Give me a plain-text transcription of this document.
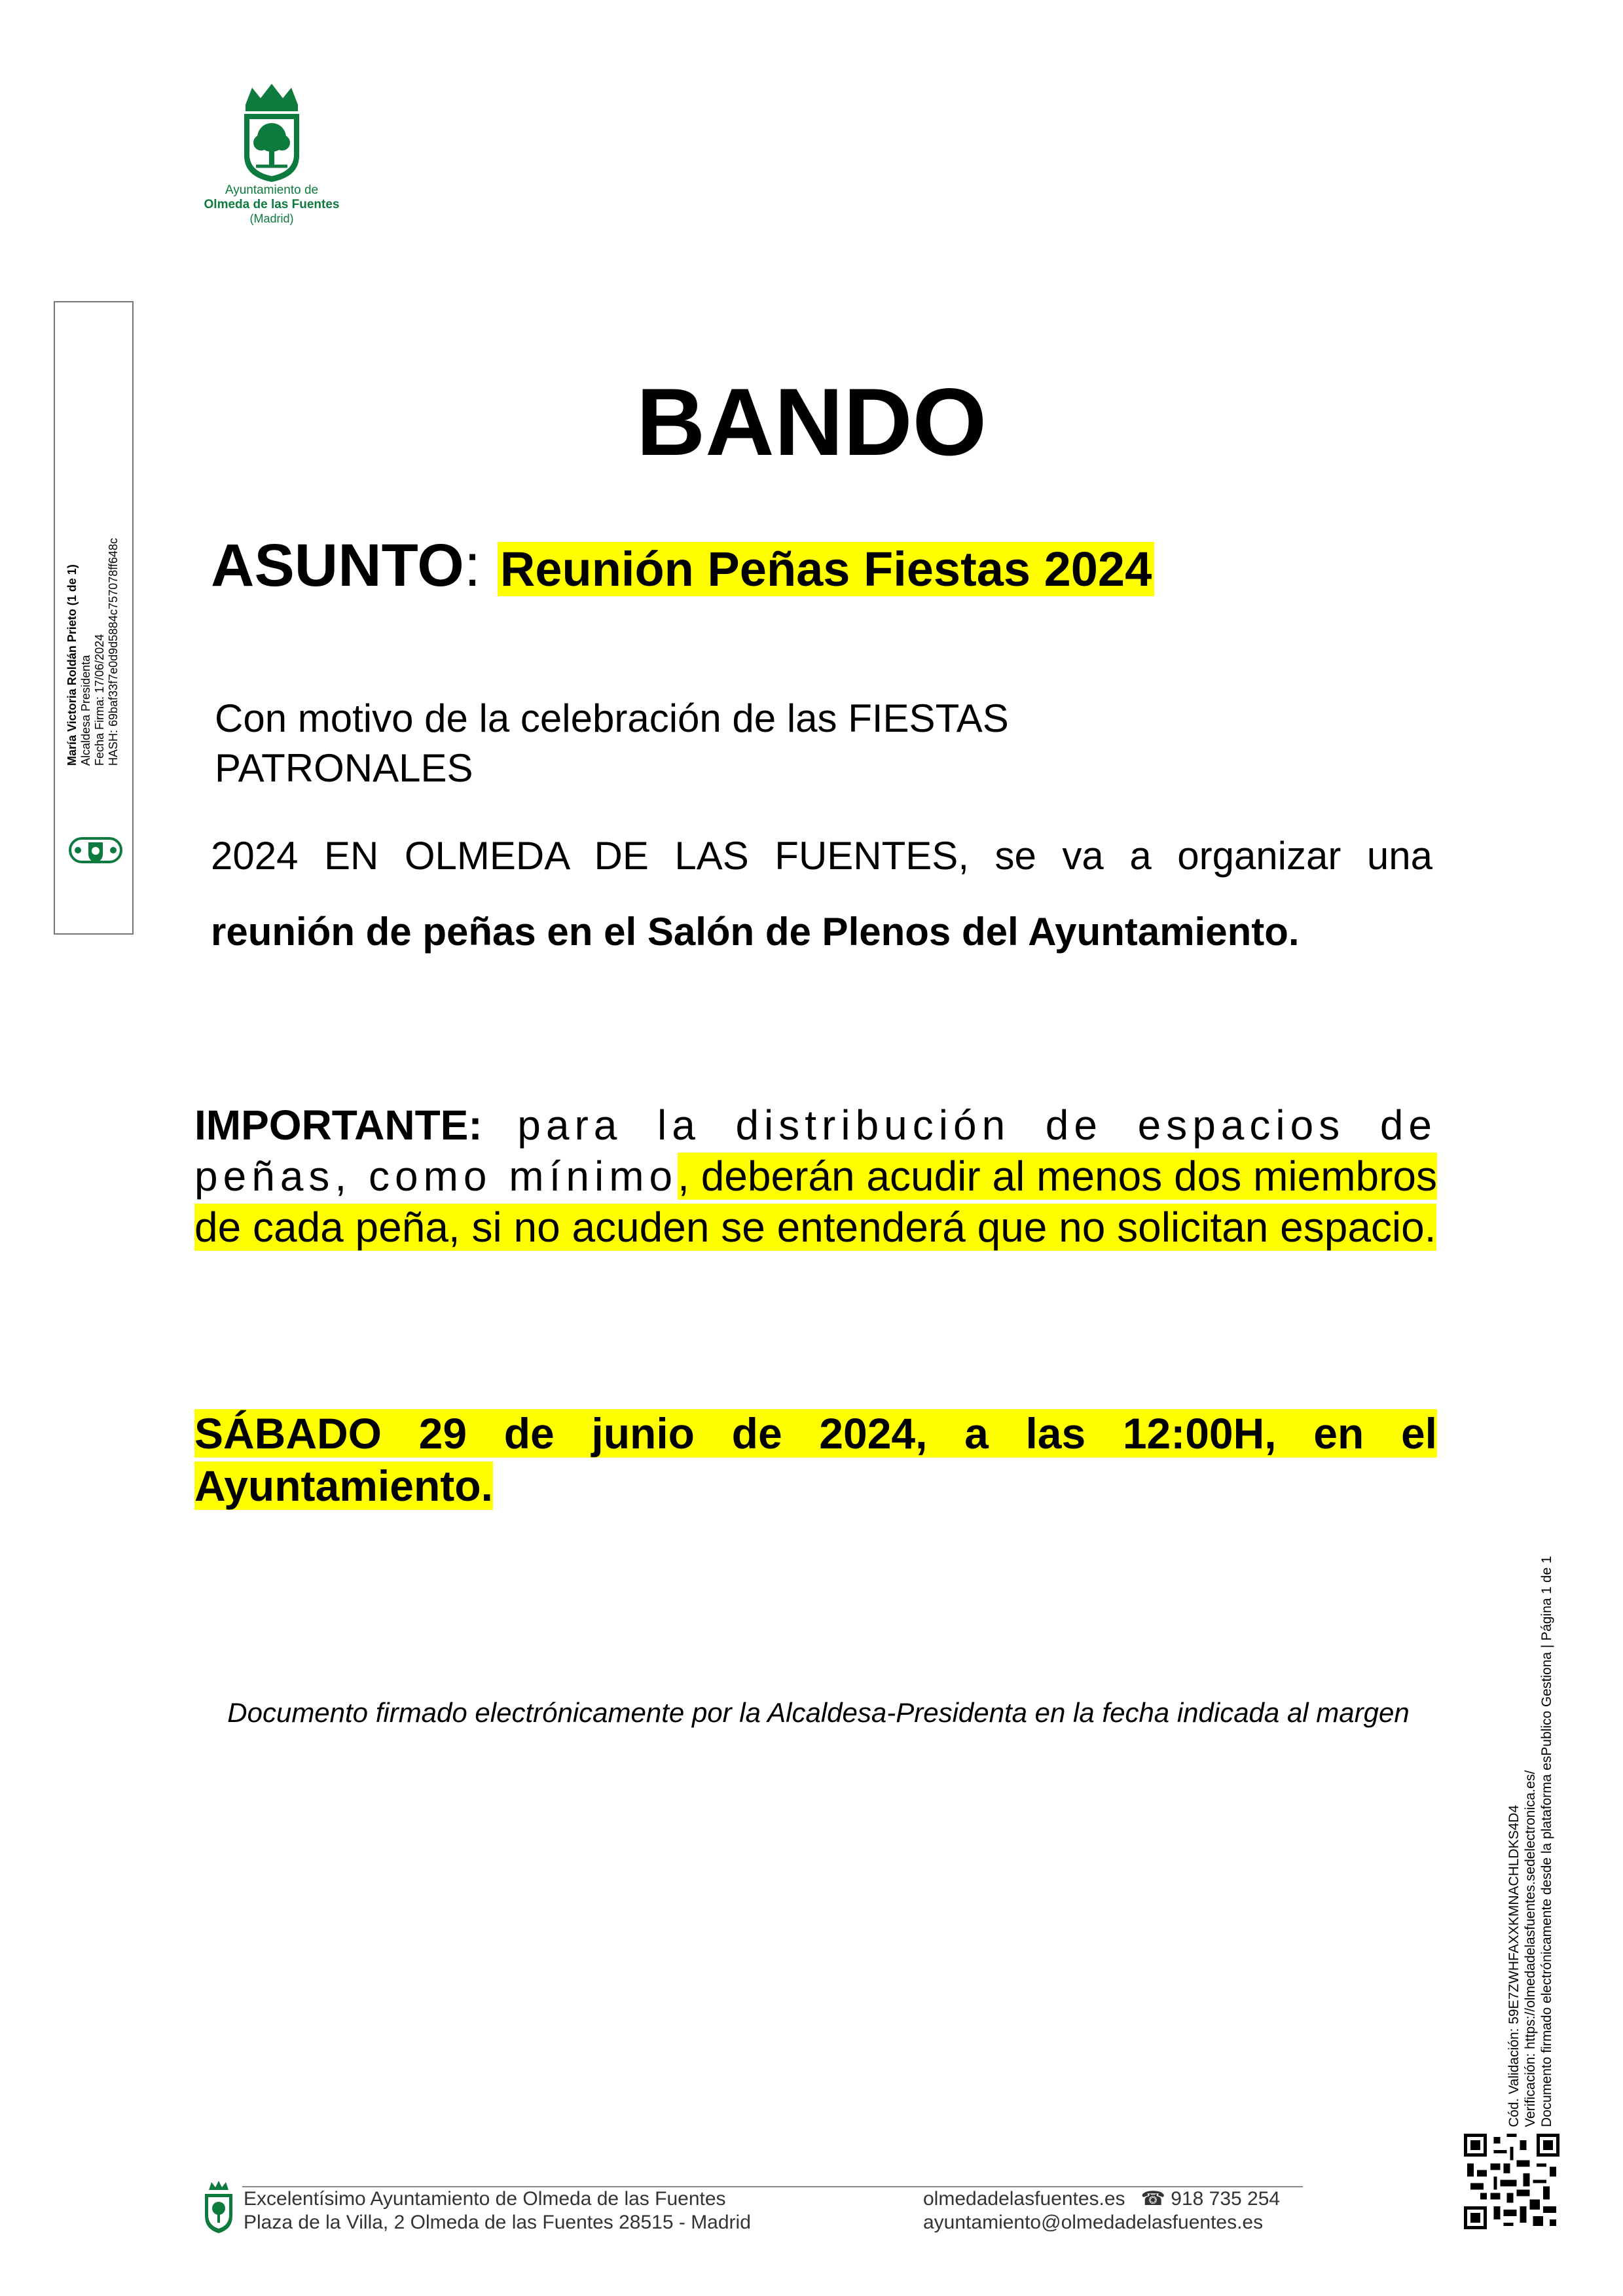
Ayuntamiento de
Olmeda de las Fuentes
(Madrid)
María Victoria Roldán Prieto (1 de 1) Alcaldesa Presidenta Fecha Firma: 17/06/2024 HASH: 69baf33f7e0d9d5884c757078ff648c
BANDO
ASUNTO: Reunión Peñas Fiestas 2024
Con motivo de la celebración de las FIESTAS
PATRONALES
2024 EN OLMEDA DE LAS FUENTES, se va a organizar una reunión de peñas en el Salón de Plenos del Ayuntamiento.
IMPORTANTE: para la distribución de espacios de peñas, como mínimo, deberán acudir al menos dos miembros de cada peña, si no acuden se entenderá que no solicitan espacio.
SÁBADO 29 de junio de 2024, a las 12:00H, en el Ayuntamiento.
Documento firmado electrónicamente por la Alcaldesa-Presidenta en la fecha indicada al margen
Cód. Validación: 59E7ZWHFAXXKMNACHLDKS4D4 Verificación: https://olmedadelasfuentes.sedelectronica.es/ Documento firmado electrónicamente desde la plataforma esPublico Gestiona | Página 1 de 1
Excelentísimo Ayuntamiento de Olmeda de las Fuentes
Plaza de la Villa, 2 Olmeda de las Fuentes 28515 - Madrid
olmedadelasfuentes.es ☎ 918 735 254
ayuntamiento@olmedadelasfuentes.es
